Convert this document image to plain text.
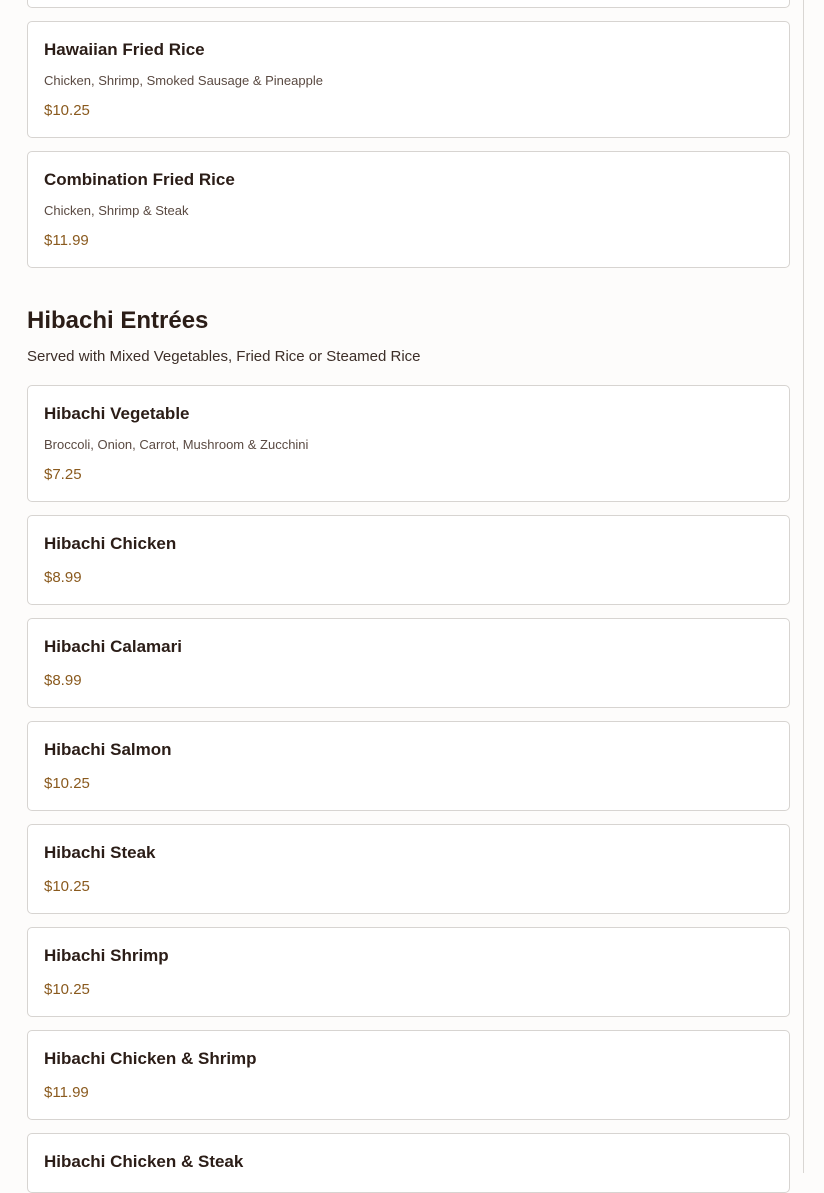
Hawaiian Fried Rice
Chicken, Shrimp, Smoked Sausage & Pineapple
$10.25
Combination Fried Rice
Chicken, Shrimp & Steak
$11.99
Hibachi Entrées
Served with Mixed Vegetables, Fried Rice or Steamed Rice
Hibachi Vegetable
Broccoli, Onion, Carrot, Mushroom & Zucchini
$7.25
Hibachi Chicken
$8.99
Hibachi Calamari
$8.99
Hibachi Salmon
$10.25
Hibachi Steak
$10.25
Hibachi Shrimp
$10.25
Hibachi Chicken & Shrimp
$11.99
Hibachi Chicken & Steak
